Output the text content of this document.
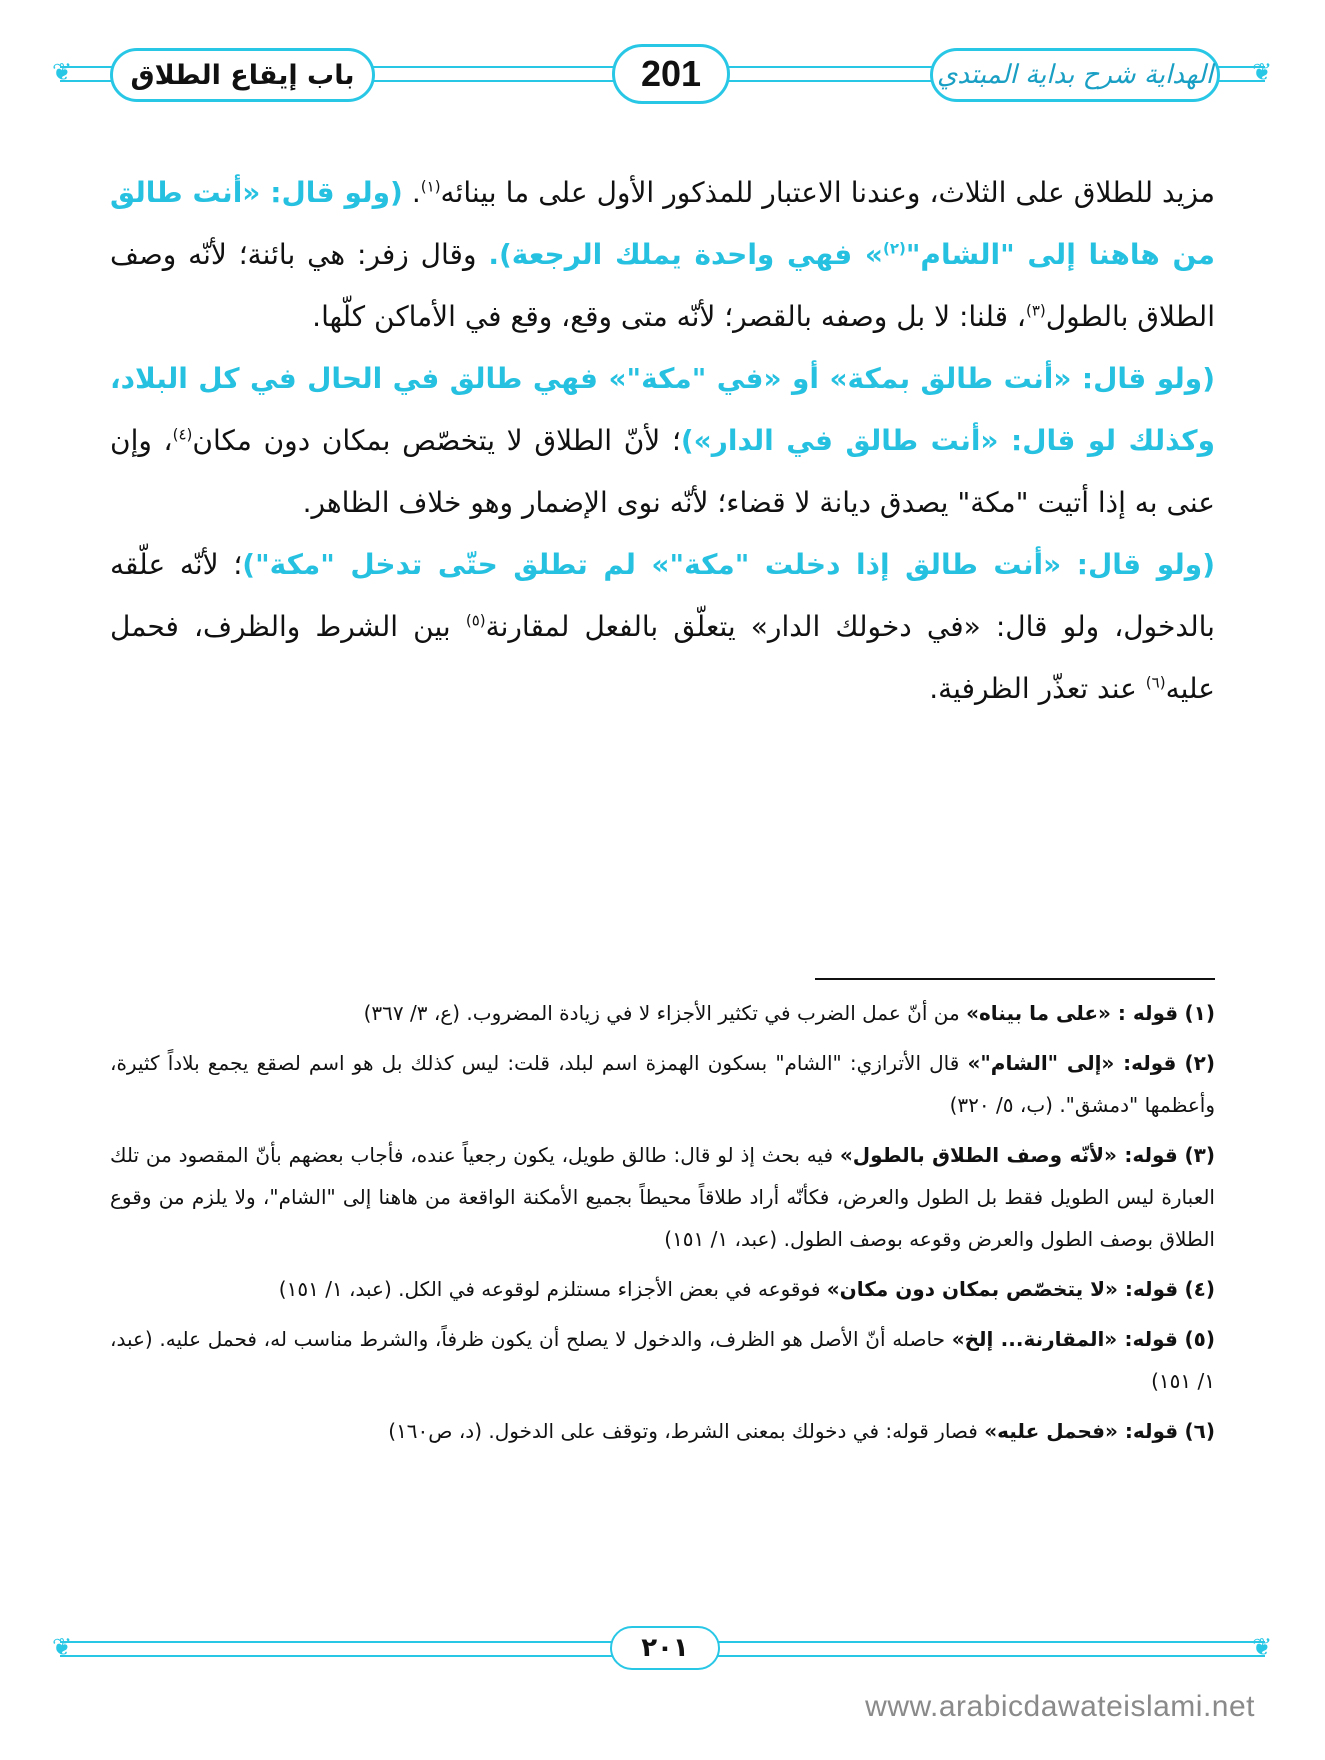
❦	❦
باب إيقاع الطلاق	201	الهداية شرح بداية المبتدي

مزيد للطلاق على الثلاث، وعندنا الاعتبار للمذكور الأول على ما بينائه$^{(١)}$. (ولو قال: «أنت طالق من هاهنا إلى "الشام"$^{(٢)}$» فهي واحدة يملك الرجعة). وقال زفر: هي بائنة؛ لأنّه وصف الطلاق بالطول$^{(٣)}$، قلنا: لا بل وصفه بالقصر؛ لأنّه متى وقع، وقع في الأماكن كلّها.

(ولو قال: «أنت طالق بمكة» أو «في "مكة"» فهي طالق في الحال في كل البلاد، وكذلك لو قال: «أنت طالق في الدار»)؛ لأنّ الطلاق لا يتخصّص بمكان دون مكان$^{(٤)}$، وإن عنى به إذا أتيت "مكة" يصدق ديانة لا قضاء؛ لأنّه نوى الإضمار وهو خلاف الظاهر.

(ولو قال: «أنت طالق إذا دخلت "مكة"» لم تطلق حتّى تدخل "مكة")؛ لأنّه علّقه بالدخول، ولو قال: «في دخولك الدار» يتعلّق بالفعل لمقارنة$^{(٥)}$ بين الشرط والظرف، فحمل عليه$^{(٦)}$ عند تعذّر الظرفية.

(١) قوله : «على ما بيناه» من أنّ عمل الضرب في تكثير الأجزاء لا في زيادة المضروب. (ع، ٣/ ٣٦٧)

(٢) قوله: «إلى "الشام"» قال الأترازي: "الشام" بسكون الهمزة اسم لبلد، قلت: ليس كذلك بل هو اسم لصقع يجمع بلاداً كثيرة، وأعظمها "دمشق". (ب، ٥/ ٣٢٠)

(٣) قوله: «لأنّه وصف الطلاق بالطول» فيه بحث إذ لو قال: طالق طويل، يكون رجعياً عنده، فأجاب بعضهم بأنّ المقصود من تلك العبارة ليس الطويل فقط بل الطول والعرض، فكأنّه أراد طلاقاً محيطاً بجميع الأمكنة الواقعة من هاهنا إلى "الشام"، ولا يلزم من وقوع الطلاق بوصف الطول والعرض وقوعه بوصف الطول. (عبد، ١/ ١٥١)

(٤) قوله: «لا يتخصّص بمكان دون مكان» فوقوعه في بعض الأجزاء مستلزم لوقوعه في الكل. (عبد، ١/ ١٥١)

(٥) قوله: «المقارنة... إلخ» حاصله أنّ الأصل هو الظرف، والدخول لا يصلح أن يكون ظرفاً، والشرط مناسب له، فحمل عليه. (عبد، ١/ ١٥١)

(٦) قوله: «فحمل عليه» فصار قوله: في دخولك بمعنى الشرط، وتوقف على الدخول. (د، ص١٦٠)

❦	❦
٢٠١
www.arabicdawateislami.net
